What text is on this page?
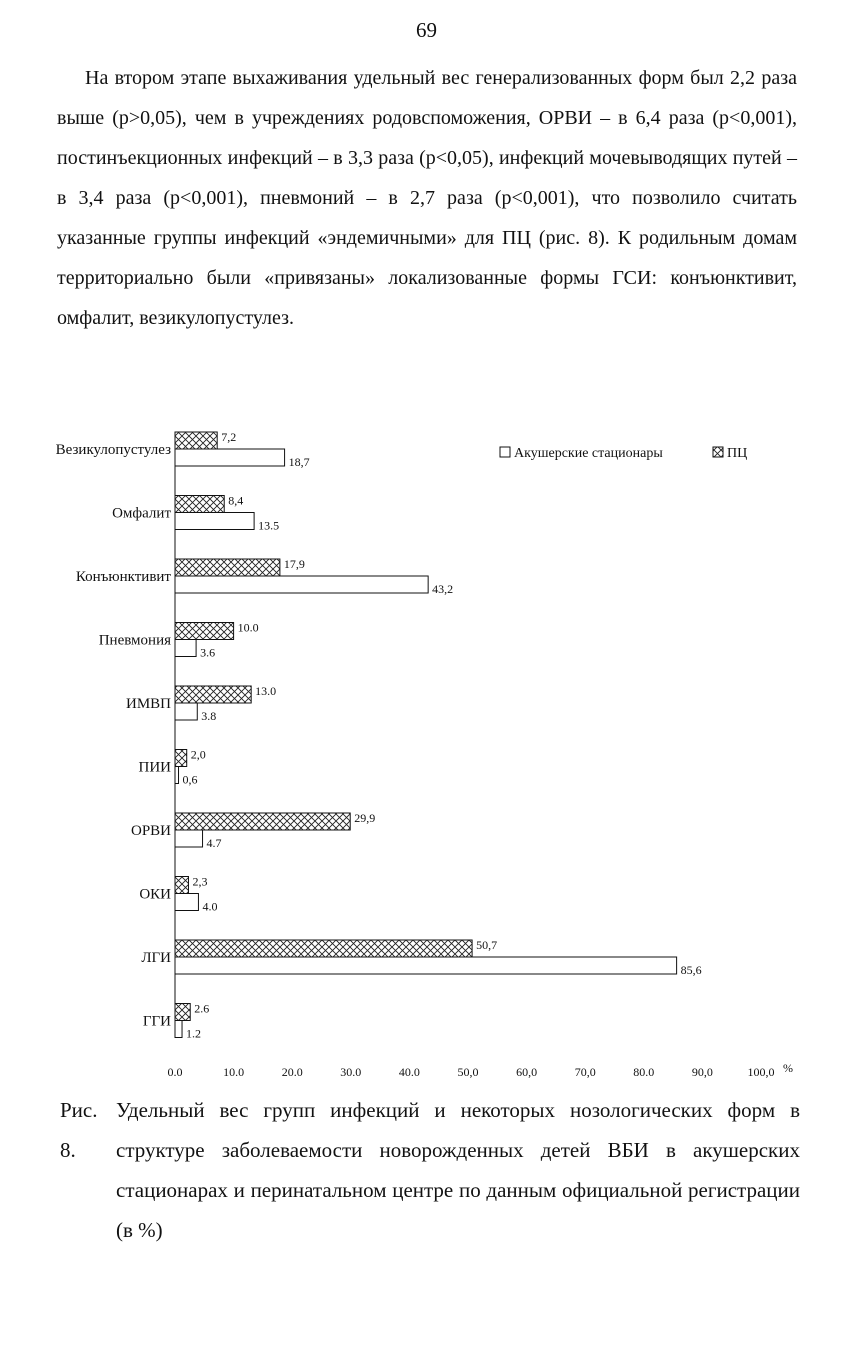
69

На втором этапе выхаживания удельный вес генерализованных форм был 2,2 раза выше (р>0,05), чем в учреждениях родовспоможения, ОРВИ – в 6,4 раза (р<0,001), постинъекционных инфекций – в 3,3 раза (р<0,05), инфекций мочевыводящих путей – в 3,4 раза (р<0,001), пневмоний – в 2,7 раза (р<0,001), что позволило считать указанные группы инфекций «эндемичными» для ПЦ (рис. 8). К родильным домам территориально были «привязаны» локализованные формы ГСИ: конъюнктивит, омфалит, везикулопустулез.

Везикулопустулез
7,2
18,7
Омфалит
8,4
13.5
Конъюнктивит
17,9
43,2
Пневмония
10.0
3.6
ИМВП
13.0
3.8
ПИИ
2,0
0,6
ОРВИ
29,9
4.7
ОКИ
2,3
4.0
ЛГИ
50,7
85,6
ГГИ
2.6
1.2
0.0	10.0	20.0	30.0	40.0	50,0	60,0	70,0	80.0	90,0	100,0 %
Акушерские стационары	ПЦ
Рис. 8.
Удельный вес групп инфекций и некоторых нозологических форм в структуре заболеваемости новорожденных детей ВБИ в акушерских стационарах и перинатальном центре по данным официальной регистрации (в %)
